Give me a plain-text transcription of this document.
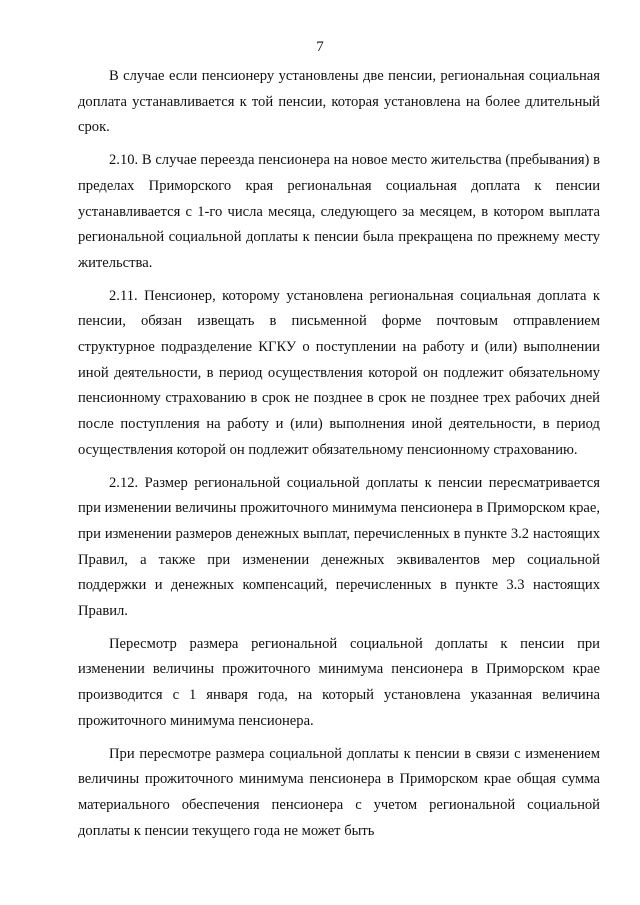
7

В случае если пенсионеру установлены две пенсии, региональная социальная доплата устанавливается к той пенсии, которая установлена на более длительный срок.

2.10. В случае переезда пенсионера на новое место жительства (пребывания) в пределах Приморского края региональная социальная доплата к пенсии устанавливается с 1-го числа месяца, следующего за месяцем, в котором выплата региональной социальной доплаты к пенсии была прекращена по прежнему месту жительства.

2.11. Пенсионер, которому установлена региональная социальная доплата к пенсии, обязан извещать в письменной форме почтовым отправлением структурное подразделение КГКУ о поступлении на работу и (или) выполнении иной деятельности, в период осуществления которой он подлежит обязательному пенсионному страхованию в срок не позднее в срок не позднее трех рабочих дней после поступления на работу и (или) выполнения иной деятельности, в период осуществления которой он подлежит обязательному пенсионному страхованию.

2.12. Размер региональной социальной доплаты к пенсии пересматривается при изменении величины прожиточного минимума пенсионера в Приморском крае, при изменении размеров денежных выплат, перечисленных в пункте 3.2 настоящих Правил, а также при изменении денежных эквивалентов мер социальной поддержки и денежных компенсаций, перечисленных в пункте 3.3 настоящих Правил.

Пересмотр размера региональной социальной доплаты к пенсии при изменении величины прожиточного минимума пенсионера в Приморском крае производится с 1 января года, на который установлена указанная величина прожиточного минимума пенсионера.

При пересмотре размера социальной доплаты к пенсии в связи с изменением величины прожиточного минимума пенсионера в Приморском крае общая сумма материального обеспечения пенсионера с учетом региональной социальной доплаты к пенсии текущего года не может быть
